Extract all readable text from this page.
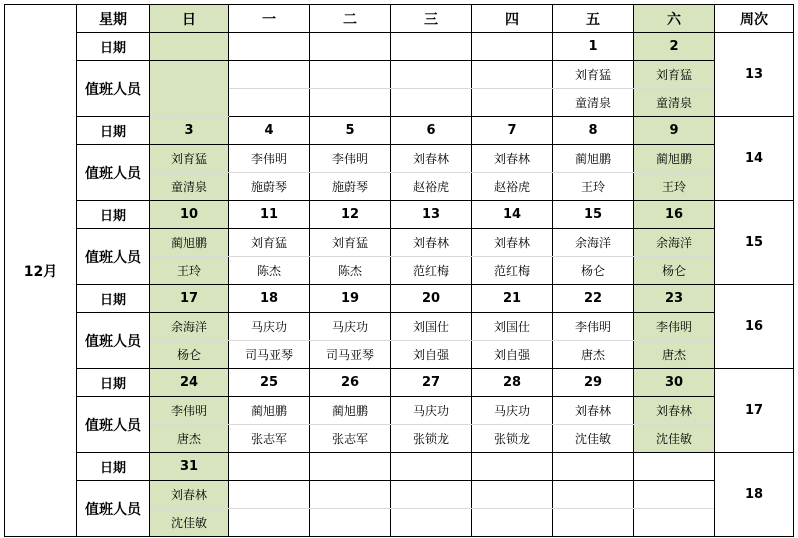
12月	星期	日	一	二	三	四	五	六	周次
	日期						1	2	13
	值班人员						刘育猛	刘育猛	
							童清泉	童清泉	
	日期	3	4	5	6	7	8	9	14
	值班人员	刘育猛	李伟明	李伟明	刘春林	刘春林	蔺旭鹏	蔺旭鹏	
		童清泉	施蔚琴	施蔚琴	赵裕虎	赵裕虎	王玲	王玲	
	日期	10	11	12	13	14	15	16	15
	值班人员	蔺旭鹏	刘育猛	刘育猛	刘春林	刘春林	余海洋	余海洋	
		王玲	陈杰	陈杰	范红梅	范红梅	杨仑	杨仑	
	日期	17	18	19	20	21	22	23	16
	值班人员	余海洋	马庆功	马庆功	刘国仕	刘国仕	李伟明	李伟明	
		杨仑	司马亚琴	司马亚琴	刘自强	刘自强	唐杰	唐杰	
	日期	24	25	26	27	28	29	30	17
	值班人员	李伟明	蔺旭鹏	蔺旭鹏	马庆功	马庆功	刘春林	刘春林	
		唐杰	张志军	张志军	张锁龙	张锁龙	沈佳敏	沈佳敏	
	日期	31							18
	值班人员	刘春林							
		沈佳敏							
